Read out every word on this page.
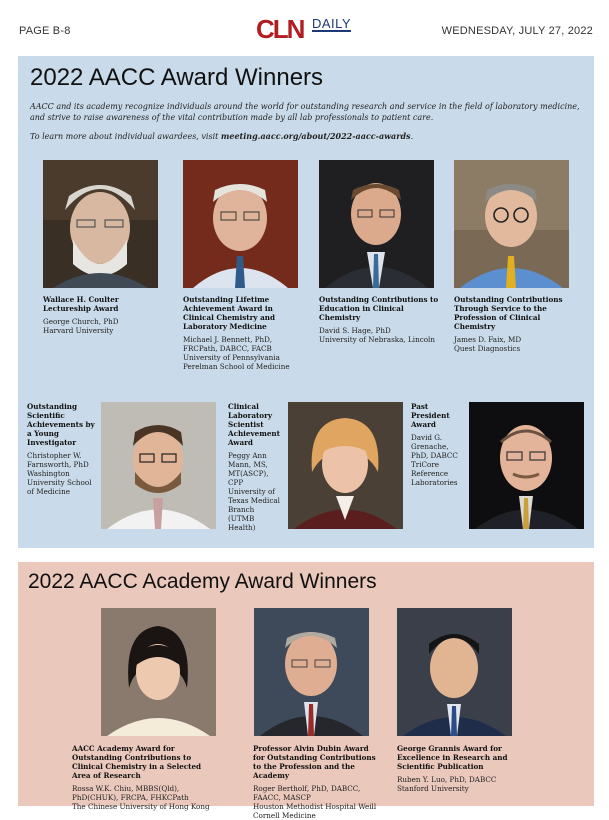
PAGE B-8	CLN DAILY	WEDNESDAY, JULY 27, 2022
2022 AACC Award Winners
AACC and its academy recognize individuals around the world for outstanding research and service in the field of laboratory medicine, and strive to raise awareness of the vital contribution made by all lab professionals to patient care.
To learn more about individual awardees, visit meeting.aacc.org/about/2022-aacc-awards.
Wallace H. Coulter Lectureship Award
George Church, PhD
Harvard University
Outstanding Lifetime Achievement Award in Clinical Chemistry and Laboratory Medicine
Michael J. Bennett, PhD, FRCPath, DABCC, FACB
University of Pennsylvania Perelman School of Medicine
Outstanding Contributions to Education in Clinical Chemistry
David S. Hage, PhD
University of Nebraska, Lincoln
Outstanding Contributions Through Service to the Profession of Clinical Chemistry
James D. Faix, MD
Quest Diagnostics
Outstanding Scientific Achievements by a Young Investigator
Christopher W. Farnsworth, PhD
Washington University School of Medicine
Clinical Laboratory Scientist Achievement Award
Peggy Ann Mann, MS, MT(ASCP), CPP
University of Texas Medical Branch (UTMB Health)
Past President Award
David G. Grenache, PhD, DABCC
TriCore Reference Laboratories
2022 AACC Academy Award Winners
AACC Academy Award for Outstanding Contributions to Clinical Chemistry in a Selected Area of Research
Rossa W.K. Chiu, MBBS(Qld), PhD(CHUK), FRCPA, FHKCPath
The Chinese University of Hong Kong
Professor Alvin Dubin Award for Outstanding Contributions to the Profession and the Academy
Roger Bertholf, PhD, DABCC, FAACC, MASCP
Houston Methodist Hospital Weill Cornell Medicine
George Grannis Award for Excellence in Research and Scientific Publication
Ruben Y. Luo, PhD, DABCC
Stanford University
